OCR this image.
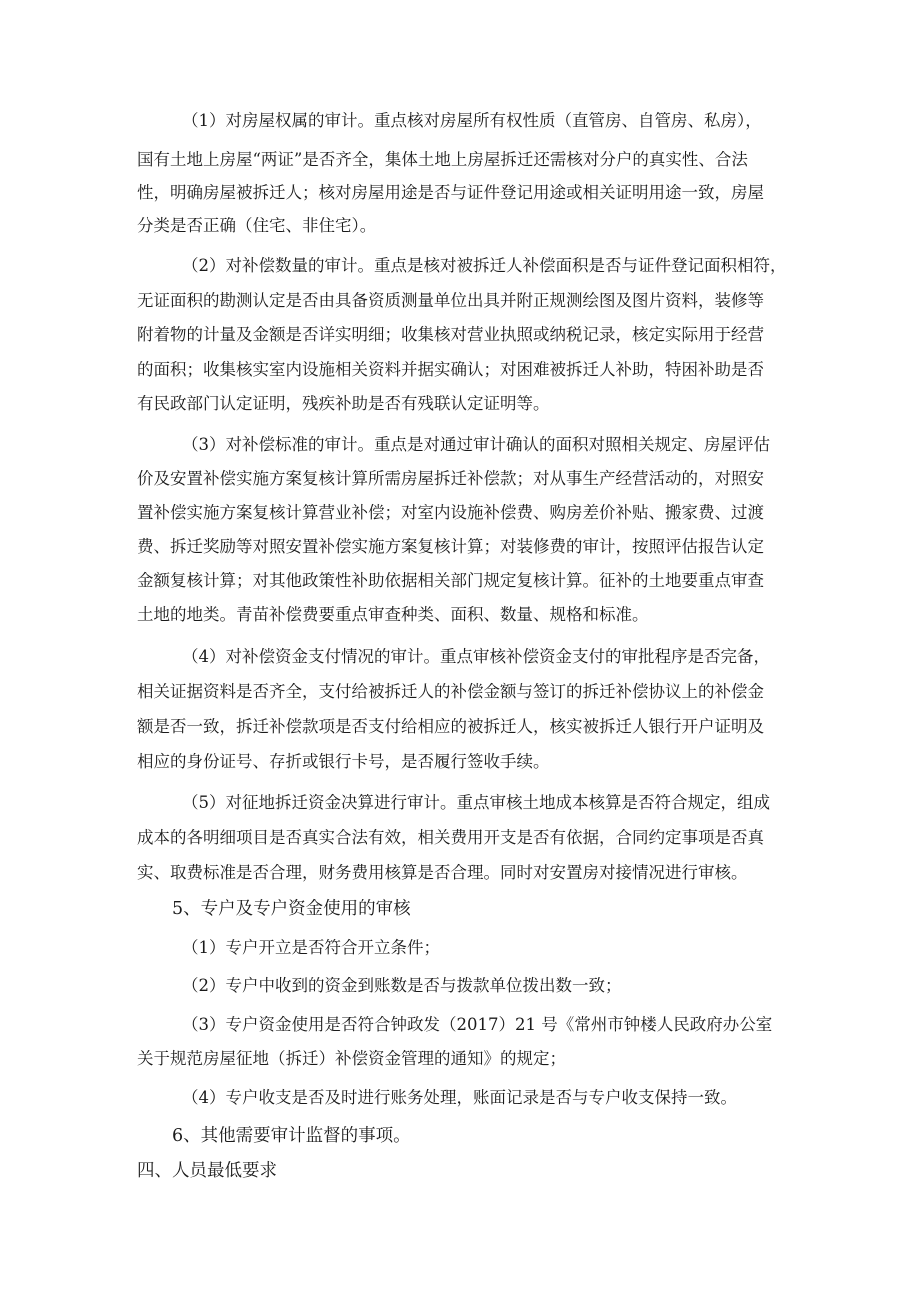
（1）对房屋权属的审计。重点核对房屋所有权性质（直管房、自管房、私房），
国有土地上房屋“两证”是否齐全，集体土地上房屋拆迁还需核对分户的真实性、合法
性，明确房屋被拆迁人；核对房屋用途是否与证件登记用途或相关证明用途一致，房屋
分类是否正确（住宅、非住宅）。
（2）对补偿数量的审计。重点是核对被拆迁人补偿面积是否与证件登记面积相符，
无证面积的勘测认定是否由具备资质测量单位出具并附正规测绘图及图片资料，装修等
附着物的计量及金额是否详实明细；收集核对营业执照或纳税记录，核定实际用于经营
的面积；收集核实室内设施相关资料并据实确认；对困难被拆迁人补助，特困补助是否
有民政部门认定证明，残疾补助是否有残联认定证明等。
（3）对补偿标准的审计。重点是对通过审计确认的面积对照相关规定、房屋评估
价及安置补偿实施方案复核计算所需房屋拆迁补偿款；对从事生产经营活动的，对照安
置补偿实施方案复核计算营业补偿；对室内设施补偿费、购房差价补贴、搬家费、过渡
费、拆迁奖励等对照安置补偿实施方案复核计算；对装修费的审计，按照评估报告认定
金额复核计算；对其他政策性补助依据相关部门规定复核计算。征补的土地要重点审查
土地的地类。青苗补偿费要重点审查种类、面积、数量、规格和标准。
（4）对补偿资金支付情况的审计。重点审核补偿资金支付的审批程序是否完备，
相关证据资料是否齐全，支付给被拆迁人的补偿金额与签订的拆迁补偿协议上的补偿金
额是否一致，拆迁补偿款项是否支付给相应的被拆迁人，核实被拆迁人银行开户证明及
相应的身份证号、存折或银行卡号，是否履行签收手续。
（5）对征地拆迁资金决算进行审计。重点审核土地成本核算是否符合规定，组成
成本的各明细项目是否真实合法有效，相关费用开支是否有依据，合同约定事项是否真
实、取费标准是否合理，财务费用核算是否合理。同时对安置房对接情况进行审核。
5、专户及专户资金使用的审核
（1）专户开立是否符合开立条件；
（2）专户中收到的资金到账数是否与拨款单位拨出数一致；
（3）专户资金使用是否符合钟政发（2017）21 号《常州市钟楼人民政府办公室
关于规范房屋征地（拆迁）补偿资金管理的通知》的规定；
（4）专户收支是否及时进行账务处理，账面记录是否与专户收支保持一致。
6、其他需要审计监督的事项。
四、人员最低要求
